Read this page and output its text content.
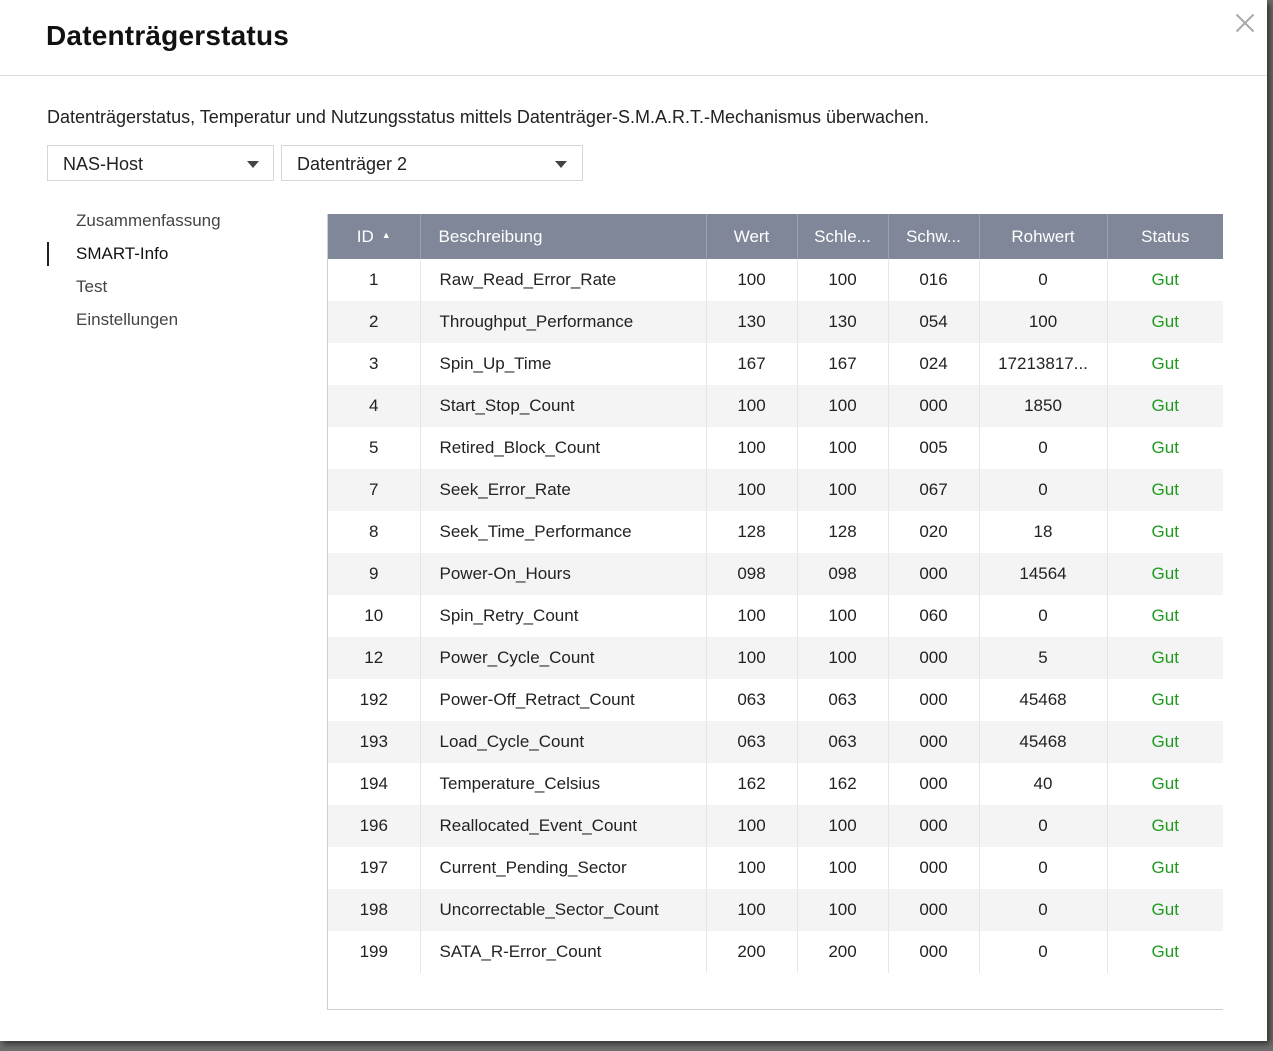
Datenträgerstatus
Datenträgerstatus, Temperatur und Nutzungsstatus mittels Datenträger-S.M.A.R.T.-Mechanismus überwachen.
NAS-Host	Datenträger 2
Zusammenfassung
SMART-Info
Test
Einstellungen
ID ▲	Beschreibung	Wert	Schle...	Schw...	Rohwert	Status
1	Raw_Read_Error_Rate	100	100	016	0	Gut
2	Throughput_Performance	130	130	054	100	Gut
3	Spin_Up_Time	167	167	024	17213817...	Gut
4	Start_Stop_Count	100	100	000	1850	Gut
5	Retired_Block_Count	100	100	005	0	Gut
7	Seek_Error_Rate	100	100	067	0	Gut
8	Seek_Time_Performance	128	128	020	18	Gut
9	Power-On_Hours	098	098	000	14564	Gut
10	Spin_Retry_Count	100	100	060	0	Gut
12	Power_Cycle_Count	100	100	000	5	Gut
192	Power-Off_Retract_Count	063	063	000	45468	Gut
193	Load_Cycle_Count	063	063	000	45468	Gut
194	Temperature_Celsius	162	162	000	40	Gut
196	Reallocated_Event_Count	100	100	000	0	Gut
197	Current_Pending_Sector	100	100	000	0	Gut
198	Uncorrectable_Sector_Count	100	100	000	0	Gut
199	SATA_R-Error_Count	200	200	000	0	Gut
